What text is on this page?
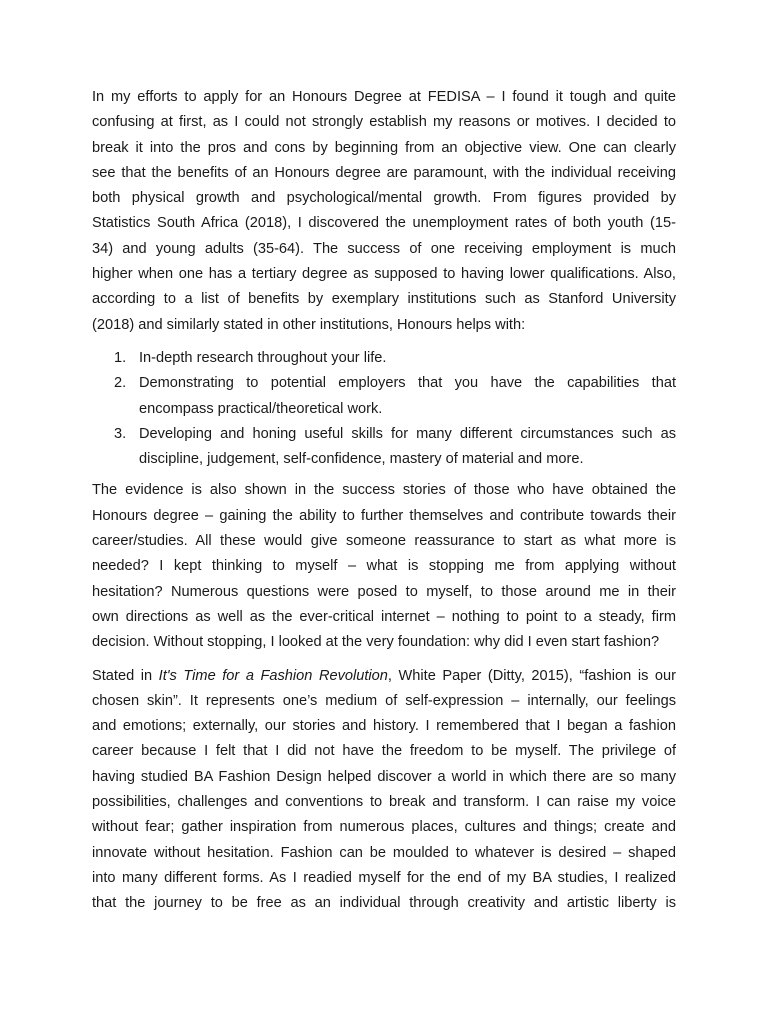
In my efforts to apply for an Honours Degree at FEDISA – I found it tough and quite
confusing at first, as I could not strongly establish my reasons or motives. I decided to
break it into the pros and cons by beginning from an objective view. One can clearly
see that the benefits of an Honours degree are paramount, with the individual receiving
both physical growth and psychological/mental growth. From figures provided by
Statistics South Africa (2018), I discovered the unemployment rates of both youth (15-
34) and young adults (35-64). The success of one receiving employment is much
higher when one has a tertiary degree as supposed to having lower qualifications. Also,
according to a list of benefits by exemplary institutions such as Stanford University
(2018) and similarly stated in other institutions, Honours helps with:
1. In-depth research throughout your life.
2. Demonstrating to potential employers that you have the capabilities that
encompass practical/theoretical work.
3. Developing and honing useful skills for many different circumstances such as
discipline, judgement, self-confidence, mastery of material and more.
The evidence is also shown in the success stories of those who have obtained the
Honours degree – gaining the ability to further themselves and contribute towards their
career/studies. All these would give someone reassurance to start as what more is
needed? I kept thinking to myself – what is stopping me from applying without
hesitation? Numerous questions were posed to myself, to those around me in their
own directions as well as the ever-critical internet – nothing to point to a steady, firm
decision. Without stopping, I looked at the very foundation: why did I even start fashion?
Stated in It's Time for a Fashion Revolution, White Paper (Ditty, 2015), “fashion is our
chosen skin”. It represents one’s medium of self-expression – internally, our feelings
and emotions; externally, our stories and history. I remembered that I began a fashion
career because I felt that I did not have the freedom to be myself. The privilege of
having studied BA Fashion Design helped discover a world in which there are so many
possibilities, challenges and conventions to break and transform. I can raise my voice
without fear; gather inspiration from numerous places, cultures and things; create and
innovate without hesitation. Fashion can be moulded to whatever is desired – shaped
into many different forms. As I readied myself for the end of my BA studies, I realized
that the journey to be free as an individual through creativity and artistic liberty is
